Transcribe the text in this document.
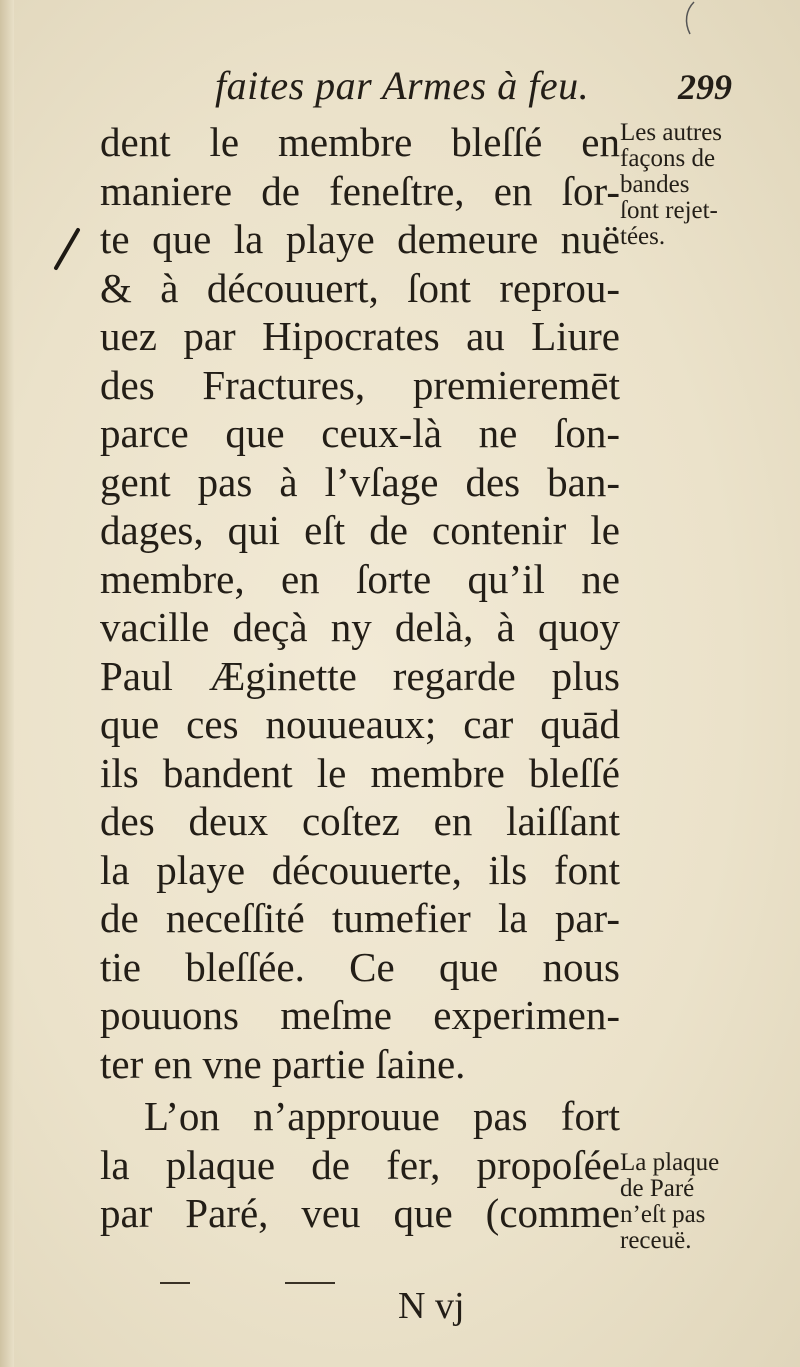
faites par Armes à feu. 299
dent le membre bleſſé en
maniere de feneſtre, en ſor-
te que la playe demeure nuë
& à découuert, ſont reprou-
uez par Hipocrates au Liure
des Fractures, premieremēt
parce que ceux-là ne ſon-
gent pas à l’vſage des ban-
dages, qui eſt de contenir le
membre, en ſorte qu’il ne
vacille deçà ny delà, à quoy
Paul Æginette regarde plus
que ces nouueaux; car quād
ils bandent le membre bleſſé
des deux coſtez en laiſſant
la playe découuerte, ils font
de neceſſité tumefier la par-
tie bleſſée. Ce que nous
pouuons meſme experimen-
ter en vne partie ſaine.
L’on n’approuue pas fort
la plaque de fer, propoſée
par Paré, veu que (comme
Les autres
façons de
bandes
ſont rejet-
tées.
La plaque
de Paré
n’eſt pas
receuë.
N vj
